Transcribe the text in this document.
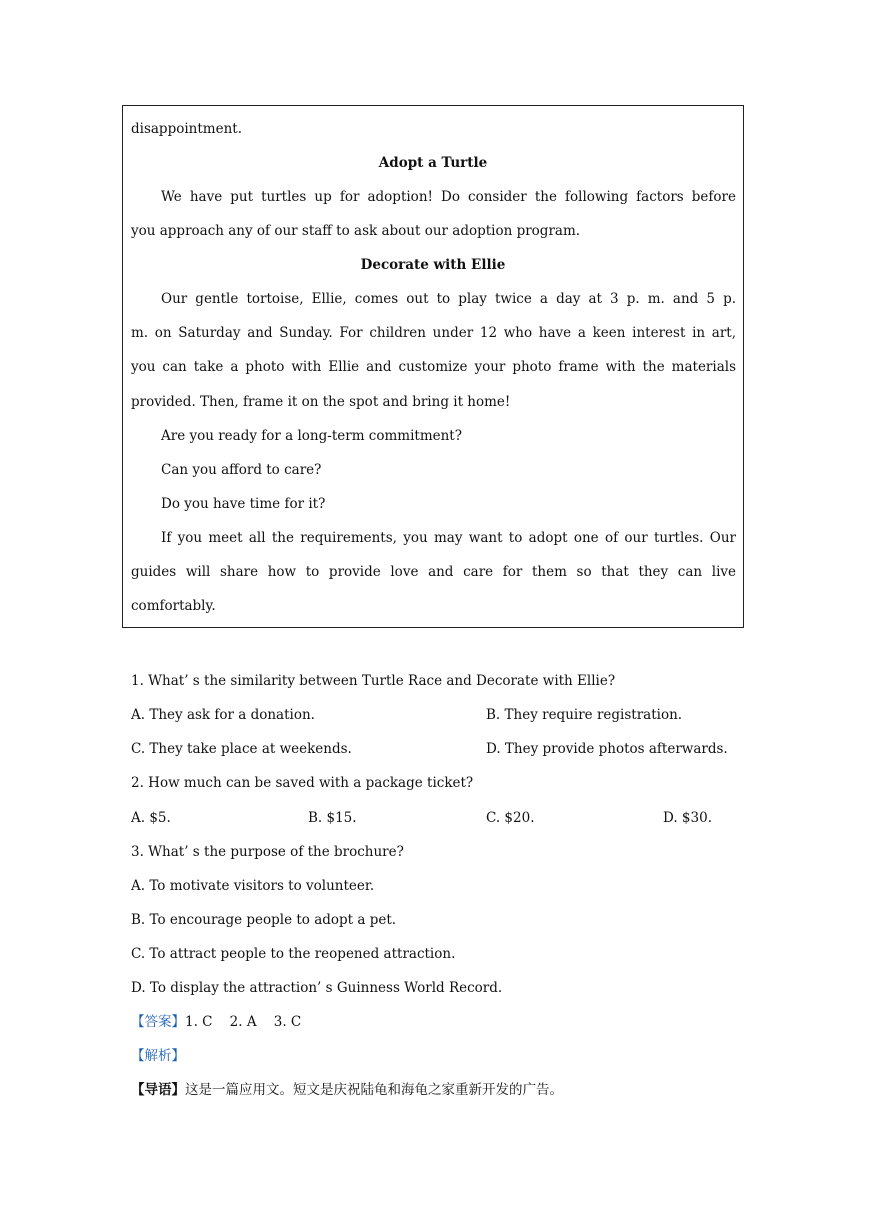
disappointment.
Adopt a Turtle
We have put turtles up for adoption! Do consider the following factors before
you approach any of our staff to ask about our adoption program.
Decorate with Ellie
Our gentle tortoise, Ellie, comes out to play twice a day at 3 p. m. and 5 p.
m. on Saturday and Sunday. For children under 12 who have a keen interest in art,
you can take a photo with Ellie and customize your photo frame with the materials
provided. Then, frame it on the spot and bring it home!
Are you ready for a long-term commitment?
Can you afford to care?
Do you have time for it?
If you meet all the requirements, you may want to adopt one of our turtles. Our
guides will share how to provide love and care for them so that they can live
comfortably.
1. What’ s the similarity between Turtle Race and Decorate with Ellie?
A. They ask for a donation.	B. They require registration.
C. They take place at weekends.	D. They provide photos afterwards.
2. How much can be saved with a package ticket?
A. $5.	B. $15.	C. $20.	D. $30.
3. What’ s the purpose of the brochure?
A. To motivate visitors to volunteer.
B. To encourage people to adopt a pet.
C. To attract people to the reopened attraction.
D. To display the attraction’ s Guinness World Record.
【答案】1. C    2. A    3. C
【解析】
【导语】这是一篇应用文。短文是庆祝陆龟和海龟之家重新开发的广告。
